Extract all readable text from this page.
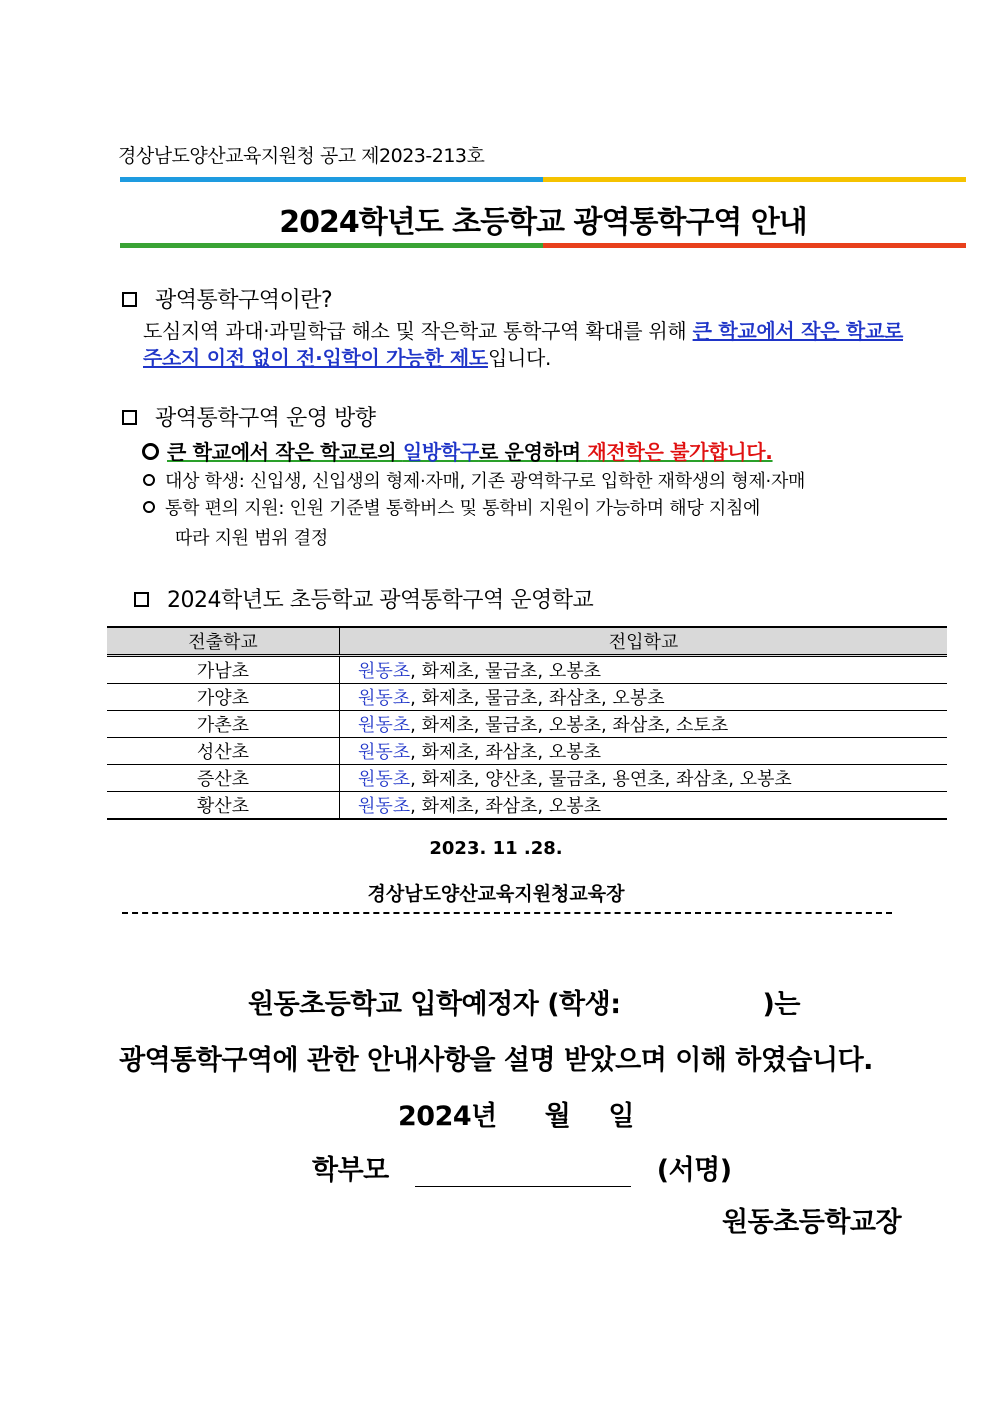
경상남도양산교육지원청 공고 제2023-213호
2024학년도 초등학교 광역통학구역 안내
광역통학구역이란?
도심지역 과대·과밀학급 해소 및 작은학교 통학구역 확대를 위해 큰 학교에서 작은 학교로 주소지 이전 없이 전·입학이 가능한 제도입니다.
광역통학구역 운영 방향
큰 학교에서 작은 학교로의 일방학구로 운영하며 재전학은 불가합니다.
대상 학생: 신입생, 신입생의 형제·자매, 기존 광역학구로 입학한 재학생의 형제·자매
통학 편의 지원: 인원 기준별 통학버스 및 통학비 지원이 가능하며 해당 지침에
따라 지원 범위 결정
2024학년도 초등학교 광역통학구역 운영학교
전출학교	전입학교
가남초	원동초, 화제초, 물금초, 오봉초
가양초	원동초, 화제초, 물금초, 좌삼초, 오봉초
가촌초	원동초, 화제초, 물금초, 오봉초, 좌삼초, 소토초
성산초	원동초, 화제초, 좌삼초, 오봉초
증산초	원동초, 화제초, 양산초, 물금초, 용연초, 좌삼초, 오봉초
황산초	원동초, 화제초, 좌삼초, 오봉초
2023. 11 .28.
경상남도양산교육지원청교육장
원동초등학교 입학예정자 (학생:	)는
광역통학구역에 관한 안내사항을 설명 받았으며 이해 하였습니다.
2024년 월 일
학부모	(서명)
원동초등학교장
